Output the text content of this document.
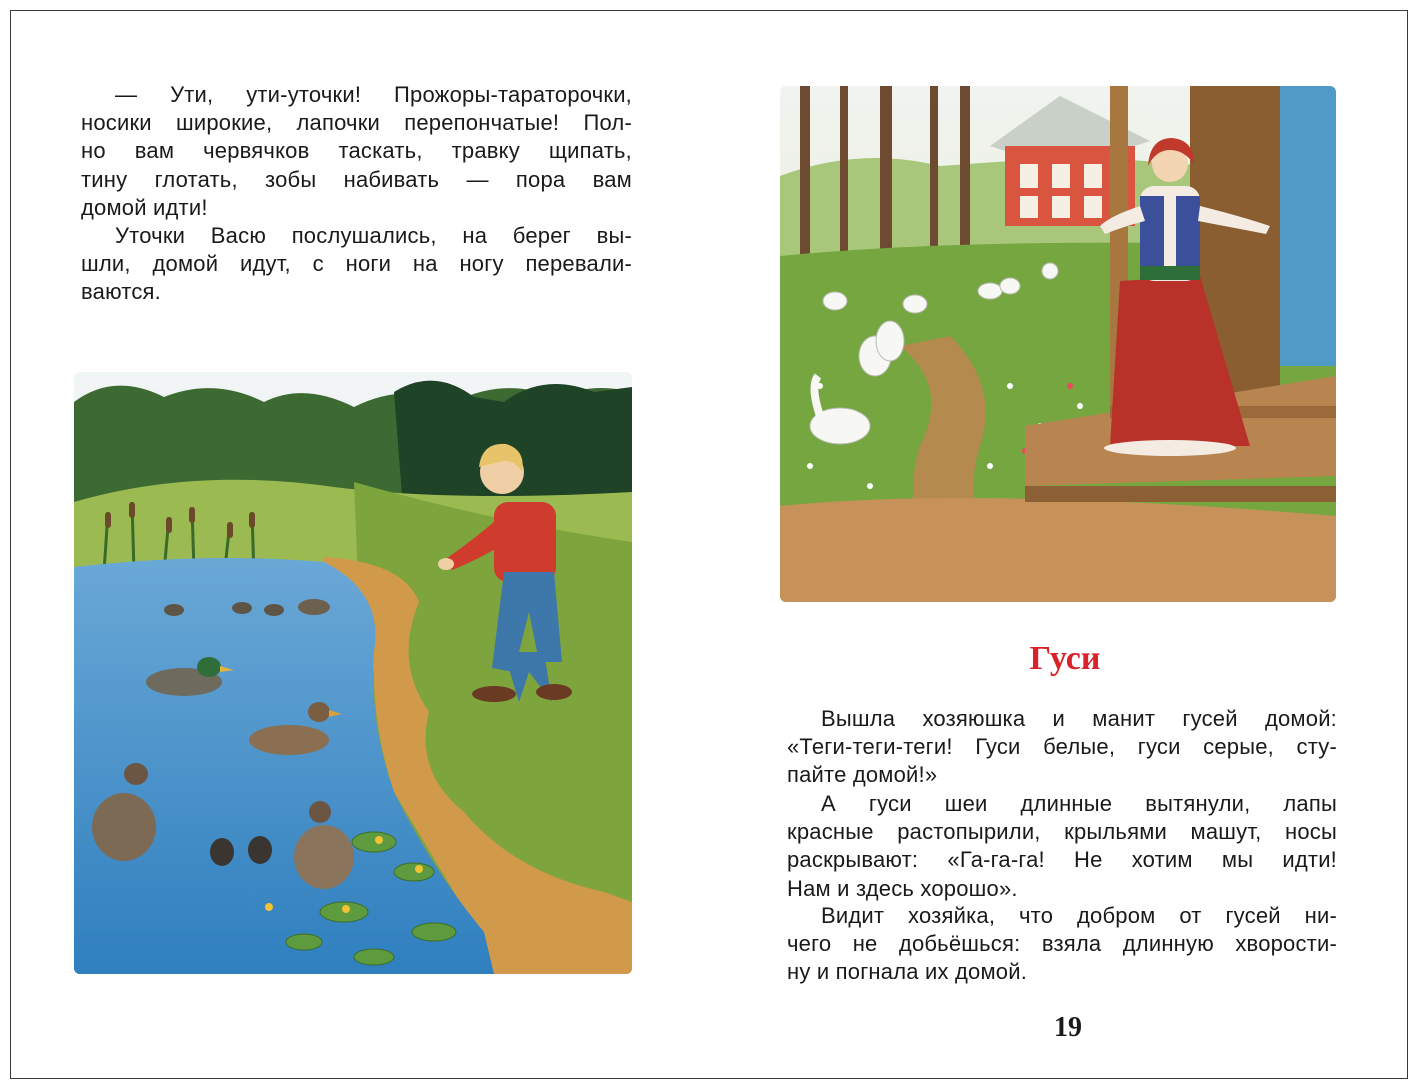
— Ути, ути-уточки! Прожоры-тараторочки,
носики широкие, лапочки перепончатые! Пол-
но вам червячков таскать, травку щипать,
тину глотать, зобы набивать — пора вам
домой идти!
Уточки Васю послушались, на берег вы-
шли, домой идут, с ноги на ногу перевали-
ваются.
Гуси
Вышла хозяюшка и манит гусей домой:
«Теги-теги-теги! Гуси белые, гуси серые, сту-
пайте домой!»
А гуси шеи длинные вытянули, лапы
красные растопырили, крыльями машут, носы
раскрывают: «Га-га-га! Не хотим мы идти!
Нам и здесь хорошо».
Видит хозяйка, что добром от гусей ни-
чего не добьёшься: взяла длинную хворости-
ну и погнала их домой.
19
